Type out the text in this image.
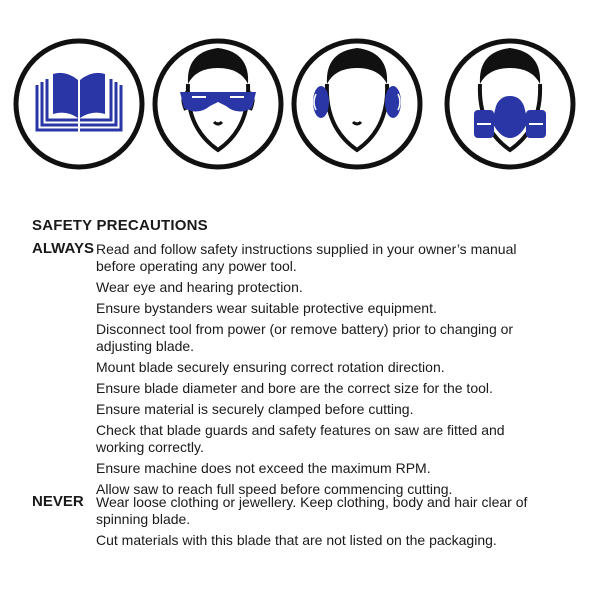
SAFETY PRECAUTIONS
ALWAYS Read and follow safety instructions supplied in your owner’s manual before operating any power tool.
Wear eye and hearing protection.
Ensure bystanders wear suitable protective equipment.
Disconnect tool from power (or remove battery) prior to changing or adjusting blade.
Mount blade securely ensuring correct rotation direction.
Ensure blade diameter and bore are the correct size for the tool.
Ensure material is securely clamped before cutting.
Check that blade guards and safety features on saw are fitted and working correctly.
Ensure machine does not exceed the maximum RPM.
Allow saw to reach full speed before commencing cutting.
NEVER Wear loose clothing or jewellery. Keep clothing, body and hair clear of spinning blade.
Cut materials with this blade that are not listed on the packaging.
